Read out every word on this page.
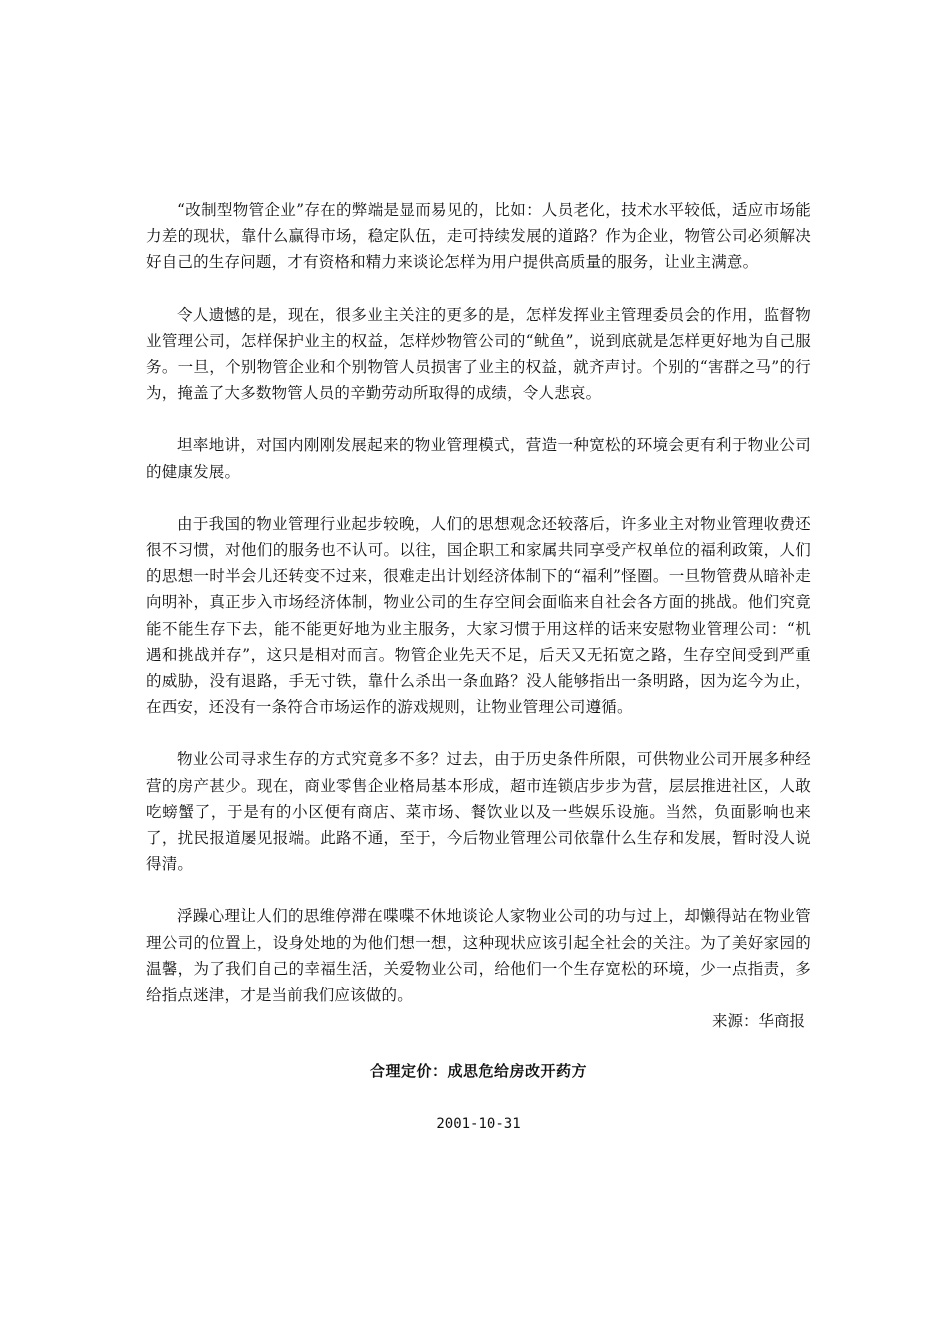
“改制型物管企业”存在的弊端是显而易见的，比如：人员老化，技术水平较低，适应市场能力差的现状，靠什么赢得市场，稳定队伍，走可持续发展的道路？作为企业，物管公司必须解决好自己的生存问题，才有资格和精力来谈论怎样为用户提供高质量的服务，让业主满意。

令人遗憾的是，现在，很多业主关注的更多的是，怎样发挥业主管理委员会的作用，监督物业管理公司，怎样保护业主的权益，怎样炒物管公司的“鱿鱼”，说到底就是怎样更好地为自己服务。一旦，个别物管企业和个别物管人员损害了业主的权益，就齐声讨。个别的“害群之马”的行为，掩盖了大多数物管人员的辛勤劳动所取得的成绩，令人悲哀。

坦率地讲，对国内刚刚发展起来的物业管理模式，营造一种宽松的环境会更有利于物业公司的健康发展。

由于我国的物业管理行业起步较晚，人们的思想观念还较落后，许多业主对物业管理收费还很不习惯，对他们的服务也不认可。以往，国企职工和家属共同享受产权单位的福利政策，人们的思想一时半会儿还转变不过来，很难走出计划经济体制下的“福利”怪圈。一旦物管费从暗补走向明补，真正步入市场经济体制，物业公司的生存空间会面临来自社会各方面的挑战。他们究竟能不能生存下去，能不能更好地为业主服务，大家习惯于用这样的话来安慰物业管理公司：“机遇和挑战并存”，这只是相对而言。物管企业先天不足，后天又无拓宽之路，生存空间受到严重的威胁，没有退路，手无寸铁，靠什么杀出一条血路？没人能够指出一条明路，因为迄今为止，在西安，还没有一条符合市场运作的游戏规则，让物业管理公司遵循。

物业公司寻求生存的方式究竟多不多？过去，由于历史条件所限，可供物业公司开展多种经营的房产甚少。现在，商业零售企业格局基本形成，超市连锁店步步为营，层层推进社区，人敢吃螃蟹了，于是有的小区便有商店、菜市场、餐饮业以及一些娱乐设施。当然，负面影响也来了，扰民报道屡见报端。此路不通，至于，今后物业管理公司依靠什么生存和发展，暂时没人说得清。

浮躁心理让人们的思维停滞在喋喋不休地谈论人家物业公司的功与过上，却懒得站在物业管理公司的位置上，设身处地的为他们想一想，这种现状应该引起全社会的关注。为了美好家园的温馨，为了我们自己的幸福生活，关爱物业公司，给他们一个生存宽松的环境，少一点指责，多给指点迷津，才是当前我们应该做的。

来源：华商报

合理定价：成思危给房改开药方

2001-10-31
